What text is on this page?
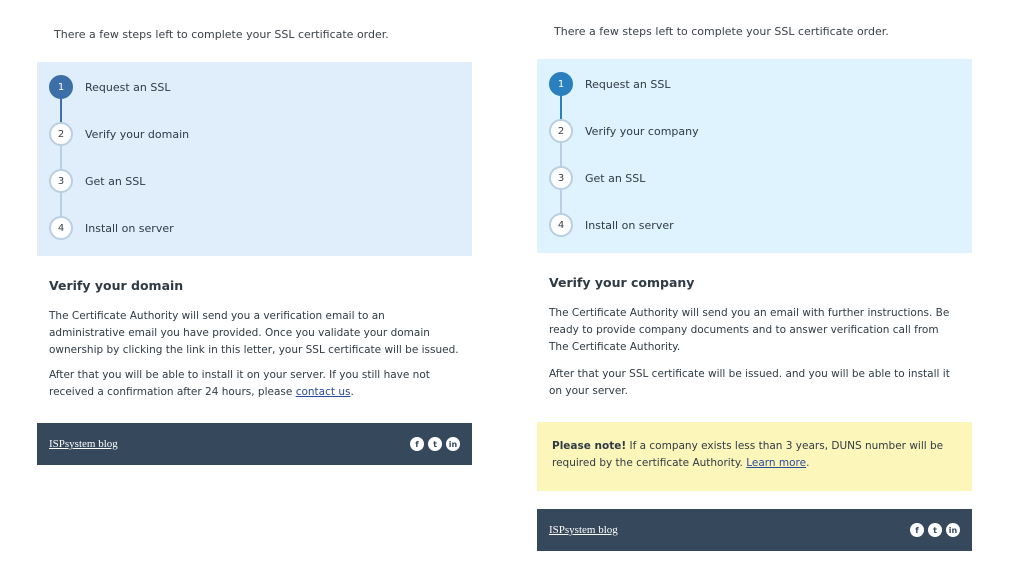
There a few steps left to complete your SSL certificate order.
1	Request an SSL
2	Verify your domain
3	Get an SSL
4	Install on server
Verify your domain

The Certificate Authority will send you a verification email to an administrative email you have provided. Once you validate your domain ownership by clicking the link in this letter, your SSL certificate will be issued.

After that you will be able to install it on your server. If you still have not received a confirmation after 24 hours, please contact us.

ISPsystem blog	f	t	in
There a few steps left to complete your SSL certificate order.
1	Request an SSL
2	Verify your company
3	Get an SSL
4	Install on server
Verify your company

The Certificate Authority will send you an email with further instructions. Be ready to provide company documents and to answer verification call from The Certificate Authority.

After that your SSL certificate will be issued. and you will be able to install it on your server.

Please note! If a company exists less than 3 years, DUNS number will be required by the certificate Authority. Learn more.
ISPsystem blog	f	t	in
